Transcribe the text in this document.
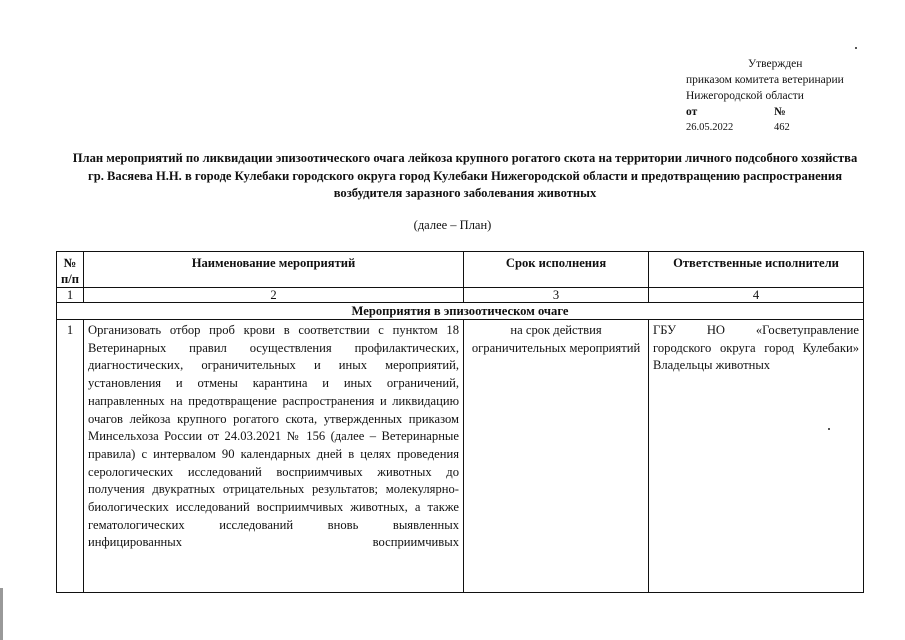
Утвержден
приказом комитета ветеринарии
Нижегородской области
от	№
26.05.2022	462
План мероприятий по ликвидации эпизоотического очага лейкоза крупного рогатого скота на территории личного подсобного хозяйства гр. Васяева Н.Н. в городе Кулебаки городского округа город Кулебаки Нижегородской области и предотвращению распространения возбудителя заразного заболевания животных
(далее – План)
№ п/п	Наименование мероприятий	Срок исполнения	Ответственные исполнители
1	2	3	4
Мероприятия в эпизоотическом очаге			
1	Организовать отбор проб крови в соответствии с пунктом 18 Ветеринарных правил осуществления профилактических, диагностических, ограничительных и иных мероприятий, установления и отмены карантина и иных ограничений, направленных на предотвращение распространения и ликвидацию очагов лейкоза крупного рогатого скота, утвержденных приказом Минсельхоза России от 24.03.2021 № 156 (далее – Ветеринарные правила) с интервалом 90 календарных дней в целях проведения серологических исследований восприимчивых животных до получения двукратных отрицательных результатов; молекулярно-биологических исследований восприимчивых животных, а также гематологических исследований вновь выявленных инфицированных восприимчивых	на срок действия ограничительных мероприятий	ГБУ НО «Госветуправление городского округа город Кулебаки» Владельцы животных
